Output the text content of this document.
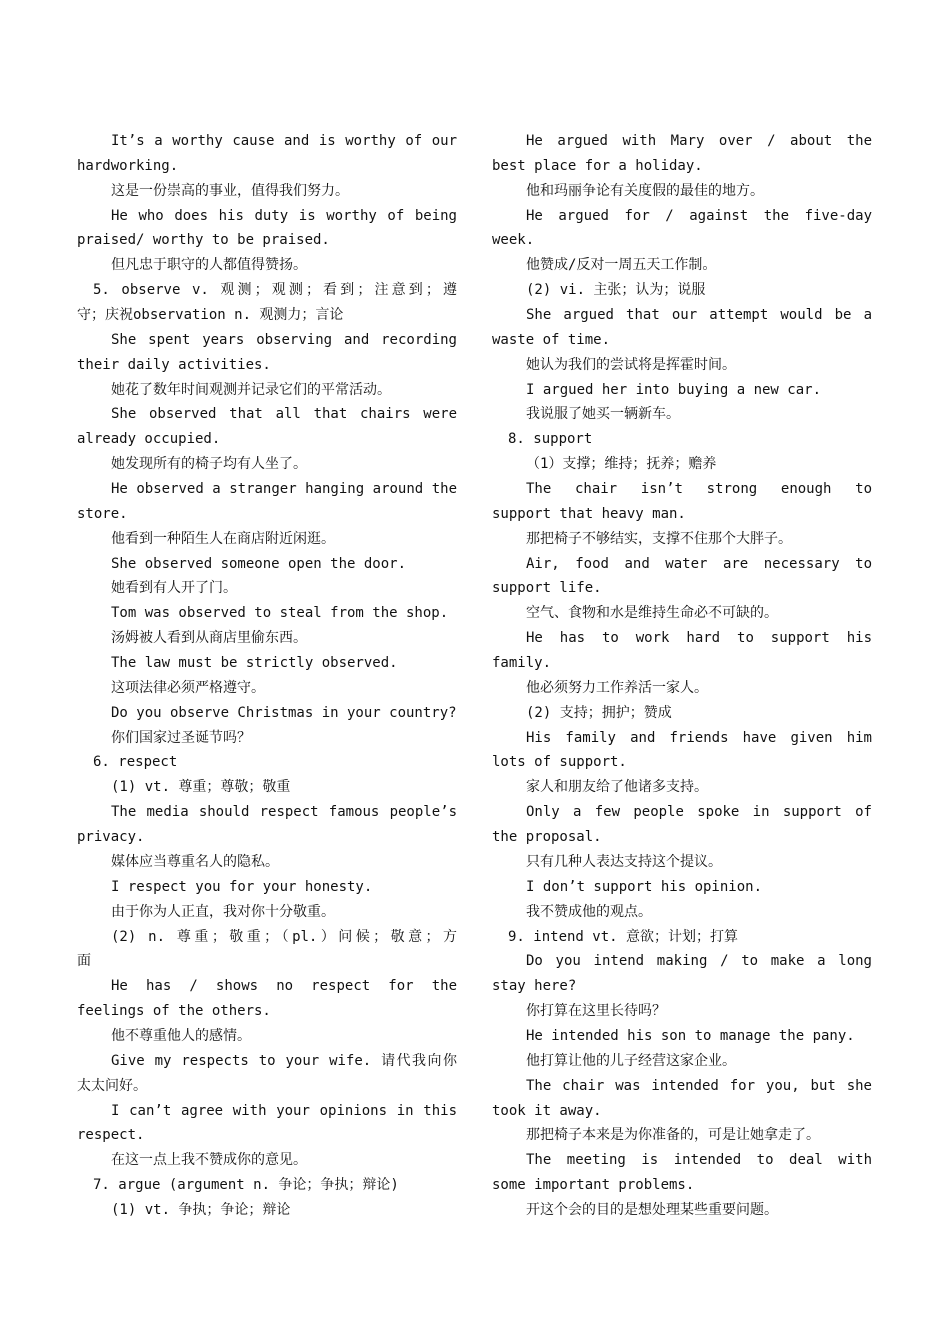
It’s a worthy cause and is worthy of our
hardworking.
这是一份崇高的事业，值得我们努力。
He who does his duty is worthy of being
praised/ worthy to be praised.
但凡忠于职守的人都值得赞扬。
5. observe v. 观测；观测；看到；注意到；遵
守；庆祝observation n. 观测力；言论
She spent years observing and recording
their daily activities.
她花了数年时间观测并记录它们的平常活动。
She observed that all that chairs were
already occupied.
她发现所有的椅子均有人坐了。
He observed a stranger hanging around the
store.
他看到一种陌生人在商店附近闲逛。
She observed someone open the door.
她看到有人开了门。
Tom was observed to steal from the shop.
汤姆被人看到从商店里偷东西。
The law must be strictly observed.
这项法律必须严格遵守。
Do you observe Christmas in your country?
你们国家过圣诞节吗？
6. respect
(1) vt. 尊重；尊敬；敬重
The media should respect famous people’s
privacy.
媒体应当尊重名人的隐私。
I respect you for your honesty.
由于你为人正直，我对你十分敬重。
(2) n. 尊重；敬重；（pl.）问候；敬意；方
面
He has / shows no respect for the
feelings of the others.
他不尊重他人的感情。
Give my respects to your wife. 请代我向你
太太问好。
I can’t agree with your opinions in this
respect.
在这一点上我不赞成你的意见。
7. argue (argument n. 争论；争执；辩论)
(1) vt. 争执；争论；辩论
He argued with Mary over / about the
best place for a holiday.
他和玛丽争论有关度假的最佳的地方。
He argued for / against the five-day
week.
他赞成/反对一周五天工作制。
(2) vi. 主张；认为；说服
She argued that our attempt would be a
waste of time.
她认为我们的尝试将是挥霍时间。
I argued her into buying a new car.
我说服了她买一辆新车。
8. support
（1）支撑；维持；抚养；赡养
The chair isn’t strong enough to
support that heavy man.
那把椅子不够结实，支撑不住那个大胖子。
Air, food and water are necessary to
support life.
空气、食物和水是维持生命必不可缺的。
He has to work hard to support his
family.
他必须努力工作养活一家人。
(2) 支持；拥护；赞成
His family and friends have given him
lots of support.
家人和朋友给了他诸多支持。
Only a few people spoke in support of
the proposal.
只有几种人表达支持这个提议。
I don’t support his opinion.
我不赞成他的观点。
9. intend vt. 意欲；计划；打算
Do you intend making / to make a long
stay here?
你打算在这里长待吗？
He intended his son to manage the pany.
他打算让他的儿子经营这家企业。
The chair was intended for you, but she
took it away.
那把椅子本来是为你准备的，可是让她拿走了。
The meeting is intended to deal with
some important problems.
开这个会的目的是想处理某些重要问题。
